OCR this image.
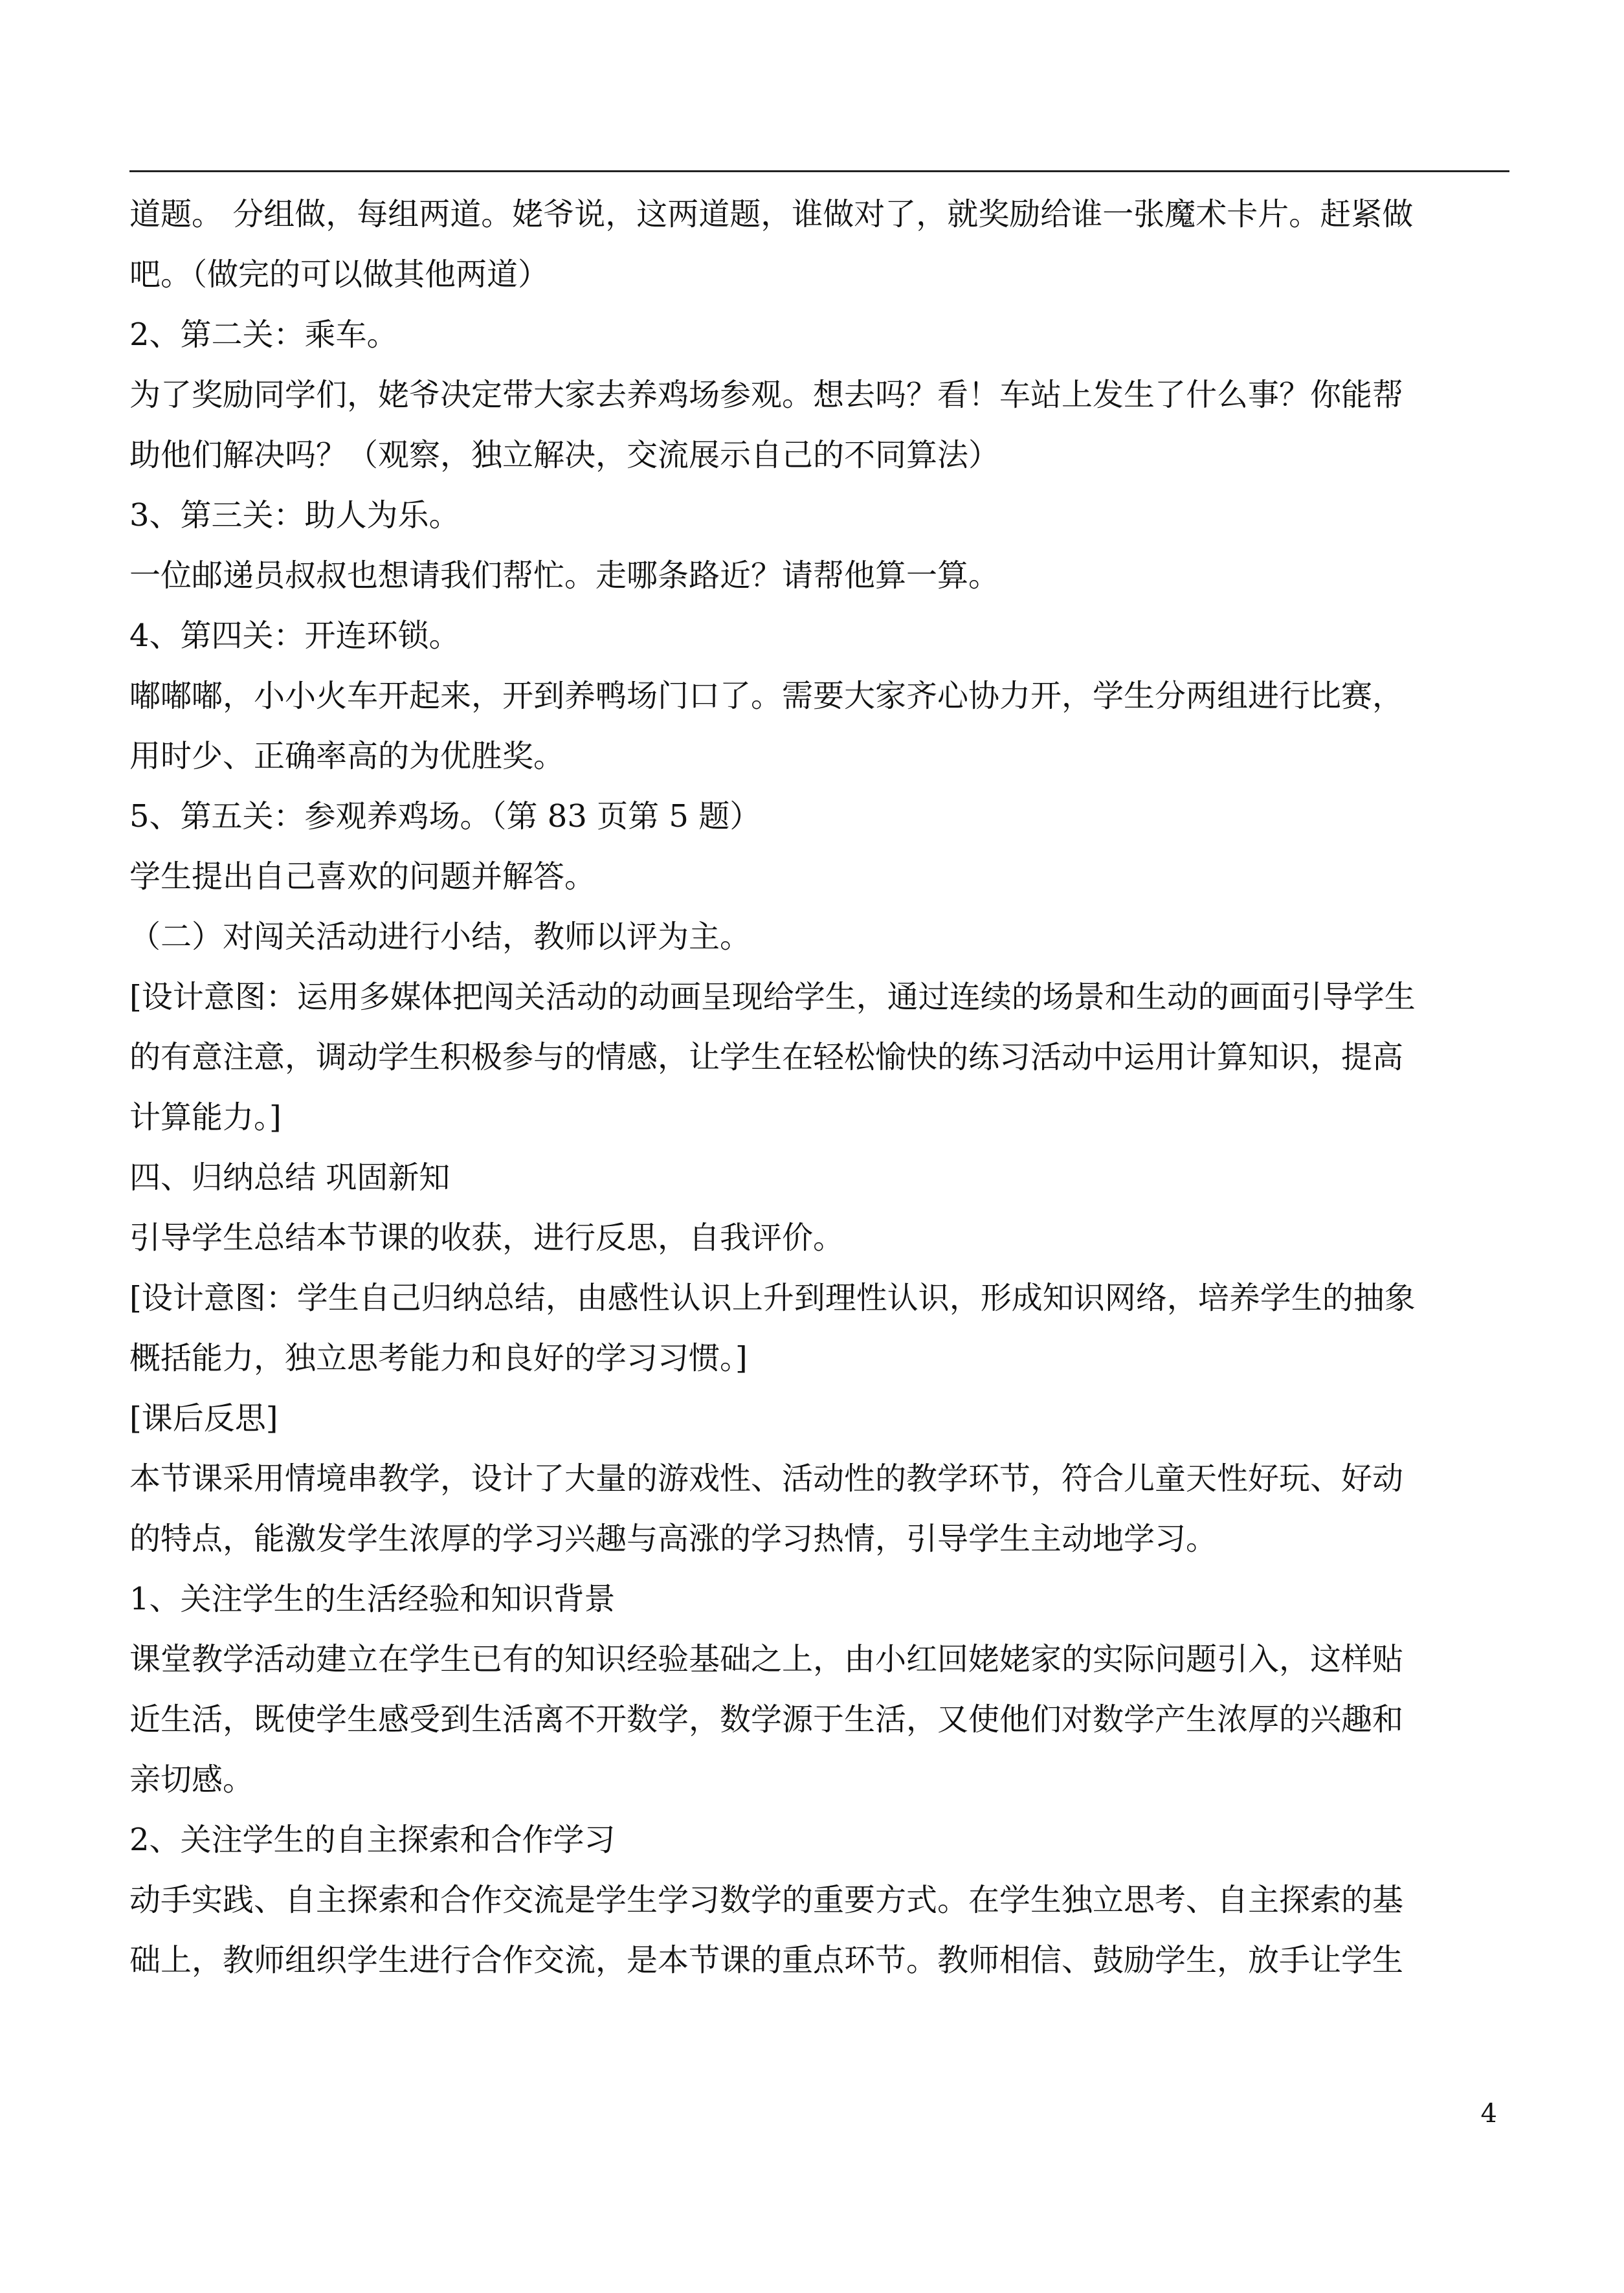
道题。 分组做，每组两道。姥爷说，这两道题，谁做对了，就奖励给谁一张魔术卡片。赶紧做
吧。（做完的可以做其他两道）
2、第二关：乘车。
为了奖励同学们，姥爷决定带大家去养鸡场参观。想去吗？看！车站上发生了什么事？你能帮
助他们解决吗？（观察，独立解决，交流展示自己的不同算法）
3、第三关：助人为乐。
一位邮递员叔叔也想请我们帮忙。走哪条路近？请帮他算一算。
4、第四关：开连环锁。
嘟嘟嘟，小小火车开起来，开到养鸭场门口了。需要大家齐心协力开，学生分两组进行比赛，
用时少、正确率高的为优胜奖。
5、第五关：参观养鸡场。（第 83 页第 5 题）
学生提出自己喜欢的问题并解答。
（二）对闯关活动进行小结，教师以评为主。
[设计意图：运用多媒体把闯关活动的动画呈现给学生，通过连续的场景和生动的画面引导学生
的有意注意，调动学生积极参与的情感，让学生在轻松愉快的练习活动中运用计算知识，提高
计算能力。]
四、归纳总结 巩固新知
引导学生总结本节课的收获，进行反思，自我评价。
[设计意图：学生自己归纳总结，由感性认识上升到理性认识，形成知识网络，培养学生的抽象
概括能力，独立思考能力和良好的学习习惯。]
[课后反思]
本节课采用情境串教学，设计了大量的游戏性、活动性的教学环节，符合儿童天性好玩、好动
的特点，能激发学生浓厚的学习兴趣与高涨的学习热情，引导学生主动地学习。
1、关注学生的生活经验和知识背景
课堂教学活动建立在学生已有的知识经验基础之上，由小红回姥姥家的实际问题引入，这样贴
近生活，既使学生感受到生活离不开数学，数学源于生活，又使他们对数学产生浓厚的兴趣和
亲切感。
2、关注学生的自主探索和合作学习
动手实践、自主探索和合作交流是学生学习数学的重要方式。在学生独立思考、自主探索的基
础上，教师组织学生进行合作交流，是本节课的重点环节。教师相信、鼓励学生，放手让学生
4
